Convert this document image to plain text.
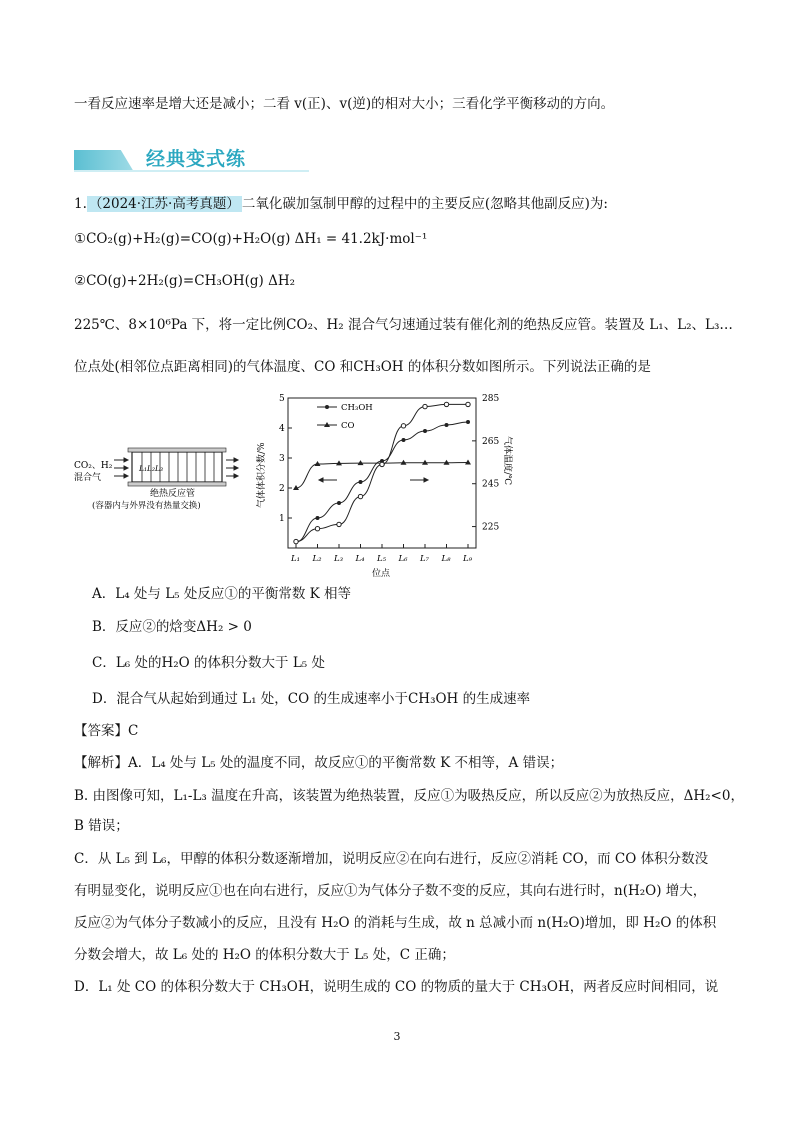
一看反应速率是增大还是减小；二看 v(正)、v(逆)的相对大小；三看化学平衡移动的方向。
经典变式练
1. （2024·江苏·高考真题） 二氧化碳加氢制甲醇的过程中的主要反应(忽略其他副反应)为:
①CO₂(g)+H₂(g)=CO(g)+H₂O(g) ΔH₁ = 41.2kJ·mol⁻¹
②CO(g)+2H₂(g)=CH₃OH(g) ΔH₂
225℃、8×10⁶Pa 下，将一定比例CO₂、H₂ 混合气匀速通过装有催化剂的绝热反应管。装置及 L₁、L₂、L₃…
位点处(相邻位点距离相同)的气体温度、CO 和CH₃OH 的体积分数如图所示。下列说法正确的是
CO₂、H₂
混合气
L₁L₂L₃
绝热反应管
(容器内与外界没有热量交换)
1
2
3
4
5
225
245
265
285
L₁ L₂ L₃ L₄ L₅ L₆ L₇ L₈ L₉
气体体积分数/%	气体温度/℃
位点
CH₃OH
CO
A．L₄ 处与 L₅ 处反应①的平衡常数 K 相等
B．反应②的焓变ΔH₂ > 0
C．L₆ 处的H₂O 的体积分数大于 L₅ 处
D．混合气从起始到通过 L₁ 处，CO 的生成速率小于CH₃OH 的生成速率
【答案】C
【解析】A．L₄ 处与 L₅ 处的温度不同，故反应①的平衡常数 K 不相等，A 错误；
B. 由图像可知，L₁-L₃ 温度在升高，该装置为绝热装置，反应①为吸热反应，所以反应②为放热反应，ΔH₂<0，
B 错误；
C．从 L₅ 到 L₆，甲醇的体积分数逐渐增加，说明反应②在向右进行，反应②消耗 CO，而 CO 体积分数没
有明显变化，说明反应①也在向右进行，反应①为气体分子数不变的反应，其向右进行时，n(H₂O) 增大，
反应②为气体分子数减小的反应，且没有 H₂O 的消耗与生成，故 n 总减小而 n(H₂O)增加，即 H₂O 的体积
分数会增大，故 L₆ 处的 H₂O 的体积分数大于 L₅ 处，C 正确；
D．L₁ 处 CO 的体积分数大于 CH₃OH，说明生成的 CO 的物质的量大于 CH₃OH，两者反应时间相同，说
3
